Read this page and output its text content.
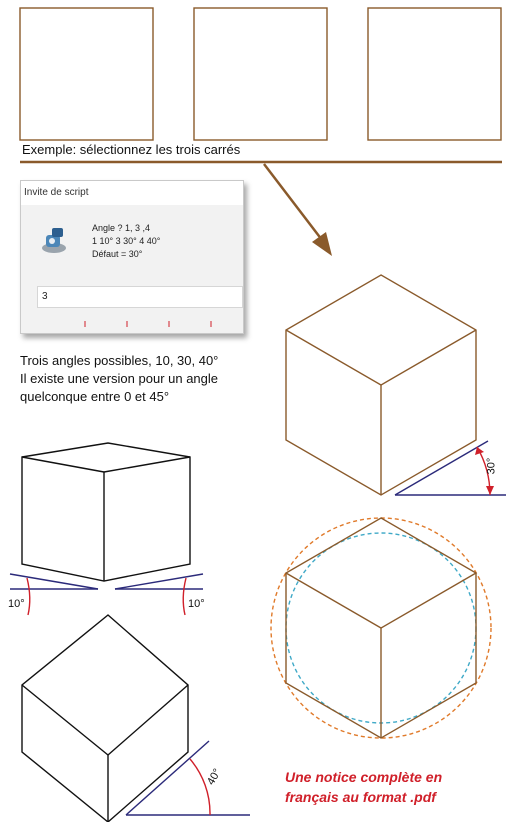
Exemple: sélectionnez les trois carrés

Invite de script
Angle ? 1, 3 ,4
1 10° 3 30° 4 40°
Défaut = 30°
3
Trois angles possibles, 10, 30, 40°
Il existe une version pour un angle
quelconque entre 0 et 45°
30°
10°	10°
40°	Une notice complète en
français au format .pdf
